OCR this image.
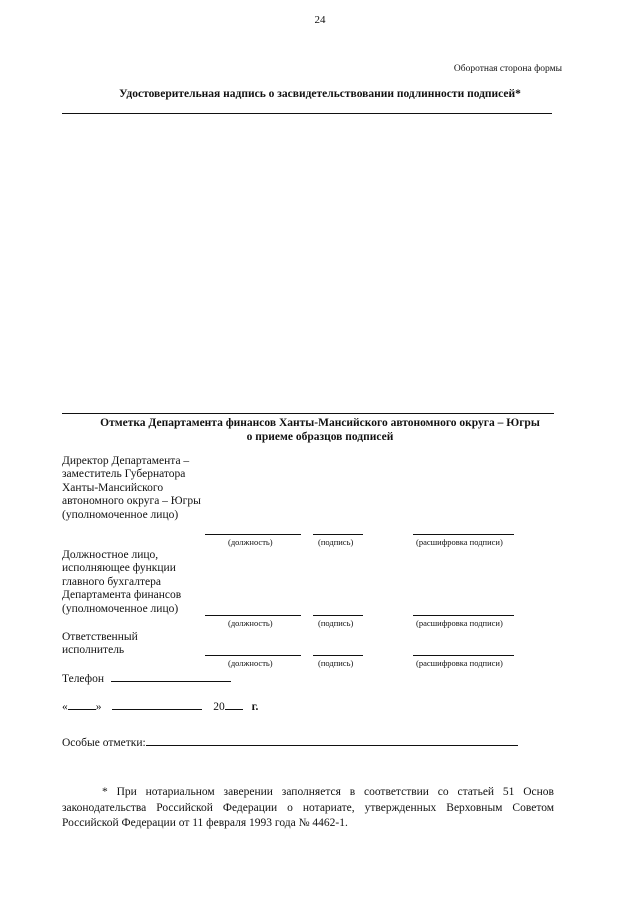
24
Оборотная сторона формы
Удостоверительная надпись о засвидетельствовании подлинности подписей*
Отметка Департамента финансов Ханты-Мансийского автономного округа – Югры
о приеме образцов подписей
Директор Департамента – заместитель Губернатора Ханты-Мансийского автономного округа – Югры (уполномоченное лицо)
(должность)	(подпись)	(расшифровка подписи)
Должностное лицо, исполняющее функции главного бухгалтера Департамента финансов (уполномоченное лицо)
(должность)	(подпись)	(расшифровка подписи)
Ответственный исполнитель
(должность)	(подпись)	(расшифровка подписи)
Телефон
« »	20 г.
Особые отметки:

* При нотариальном заверении заполняется в соответствии со статьей 51 Основ законодательства Российской Федерации о нотариате, утвержденных Верховным Советом Российской Федерации от 11 февраля 1993 года № 4462-1.
